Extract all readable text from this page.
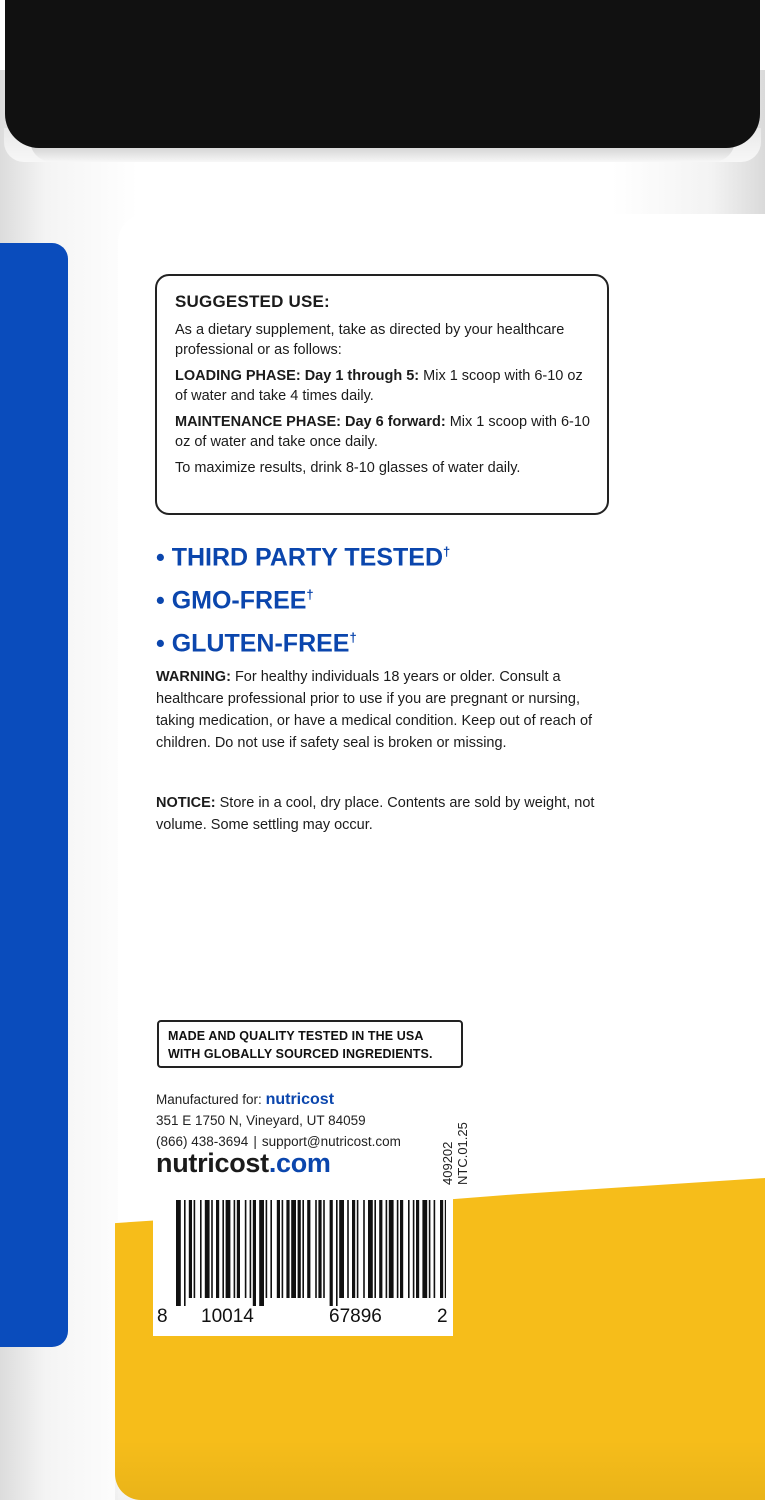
SUGGESTED USE:

As a dietary supplement, take as directed by your healthcare professional or as follows:

LOADING PHASE: Day 1 through 5: Mix 1 scoop with 6-10 oz of water and take 4 times daily.

MAINTENANCE PHASE: Day 6 forward: Mix 1 scoop with 6-10 oz of water and take once daily.

To maximize results, drink 8-10 glasses of water daily.

• THIRD PARTY TESTED†
• GMO-FREE†
• GLUTEN-FREE†
WARNING: For healthy individuals 18 years or older. Consult a healthcare professional prior to use if you are pregnant or nursing, taking medication, or have a medical condition. Keep out of reach of children. Do not use if safety seal is broken or missing.
NOTICE: Store in a cool, dry place. Contents are sold by weight, not volume. Some settling may occur.
MADE AND QUALITY TESTED IN THE USA
WITH GLOBALLY SOURCED INGREDIENTS.
Manufactured for: nutricost
351 E 1750 N, Vineyard, UT 84059
(866) 438-3694 | support@nutricost.com
nutricost.com	409202 NTC.01.25
8 10014	67896	2
